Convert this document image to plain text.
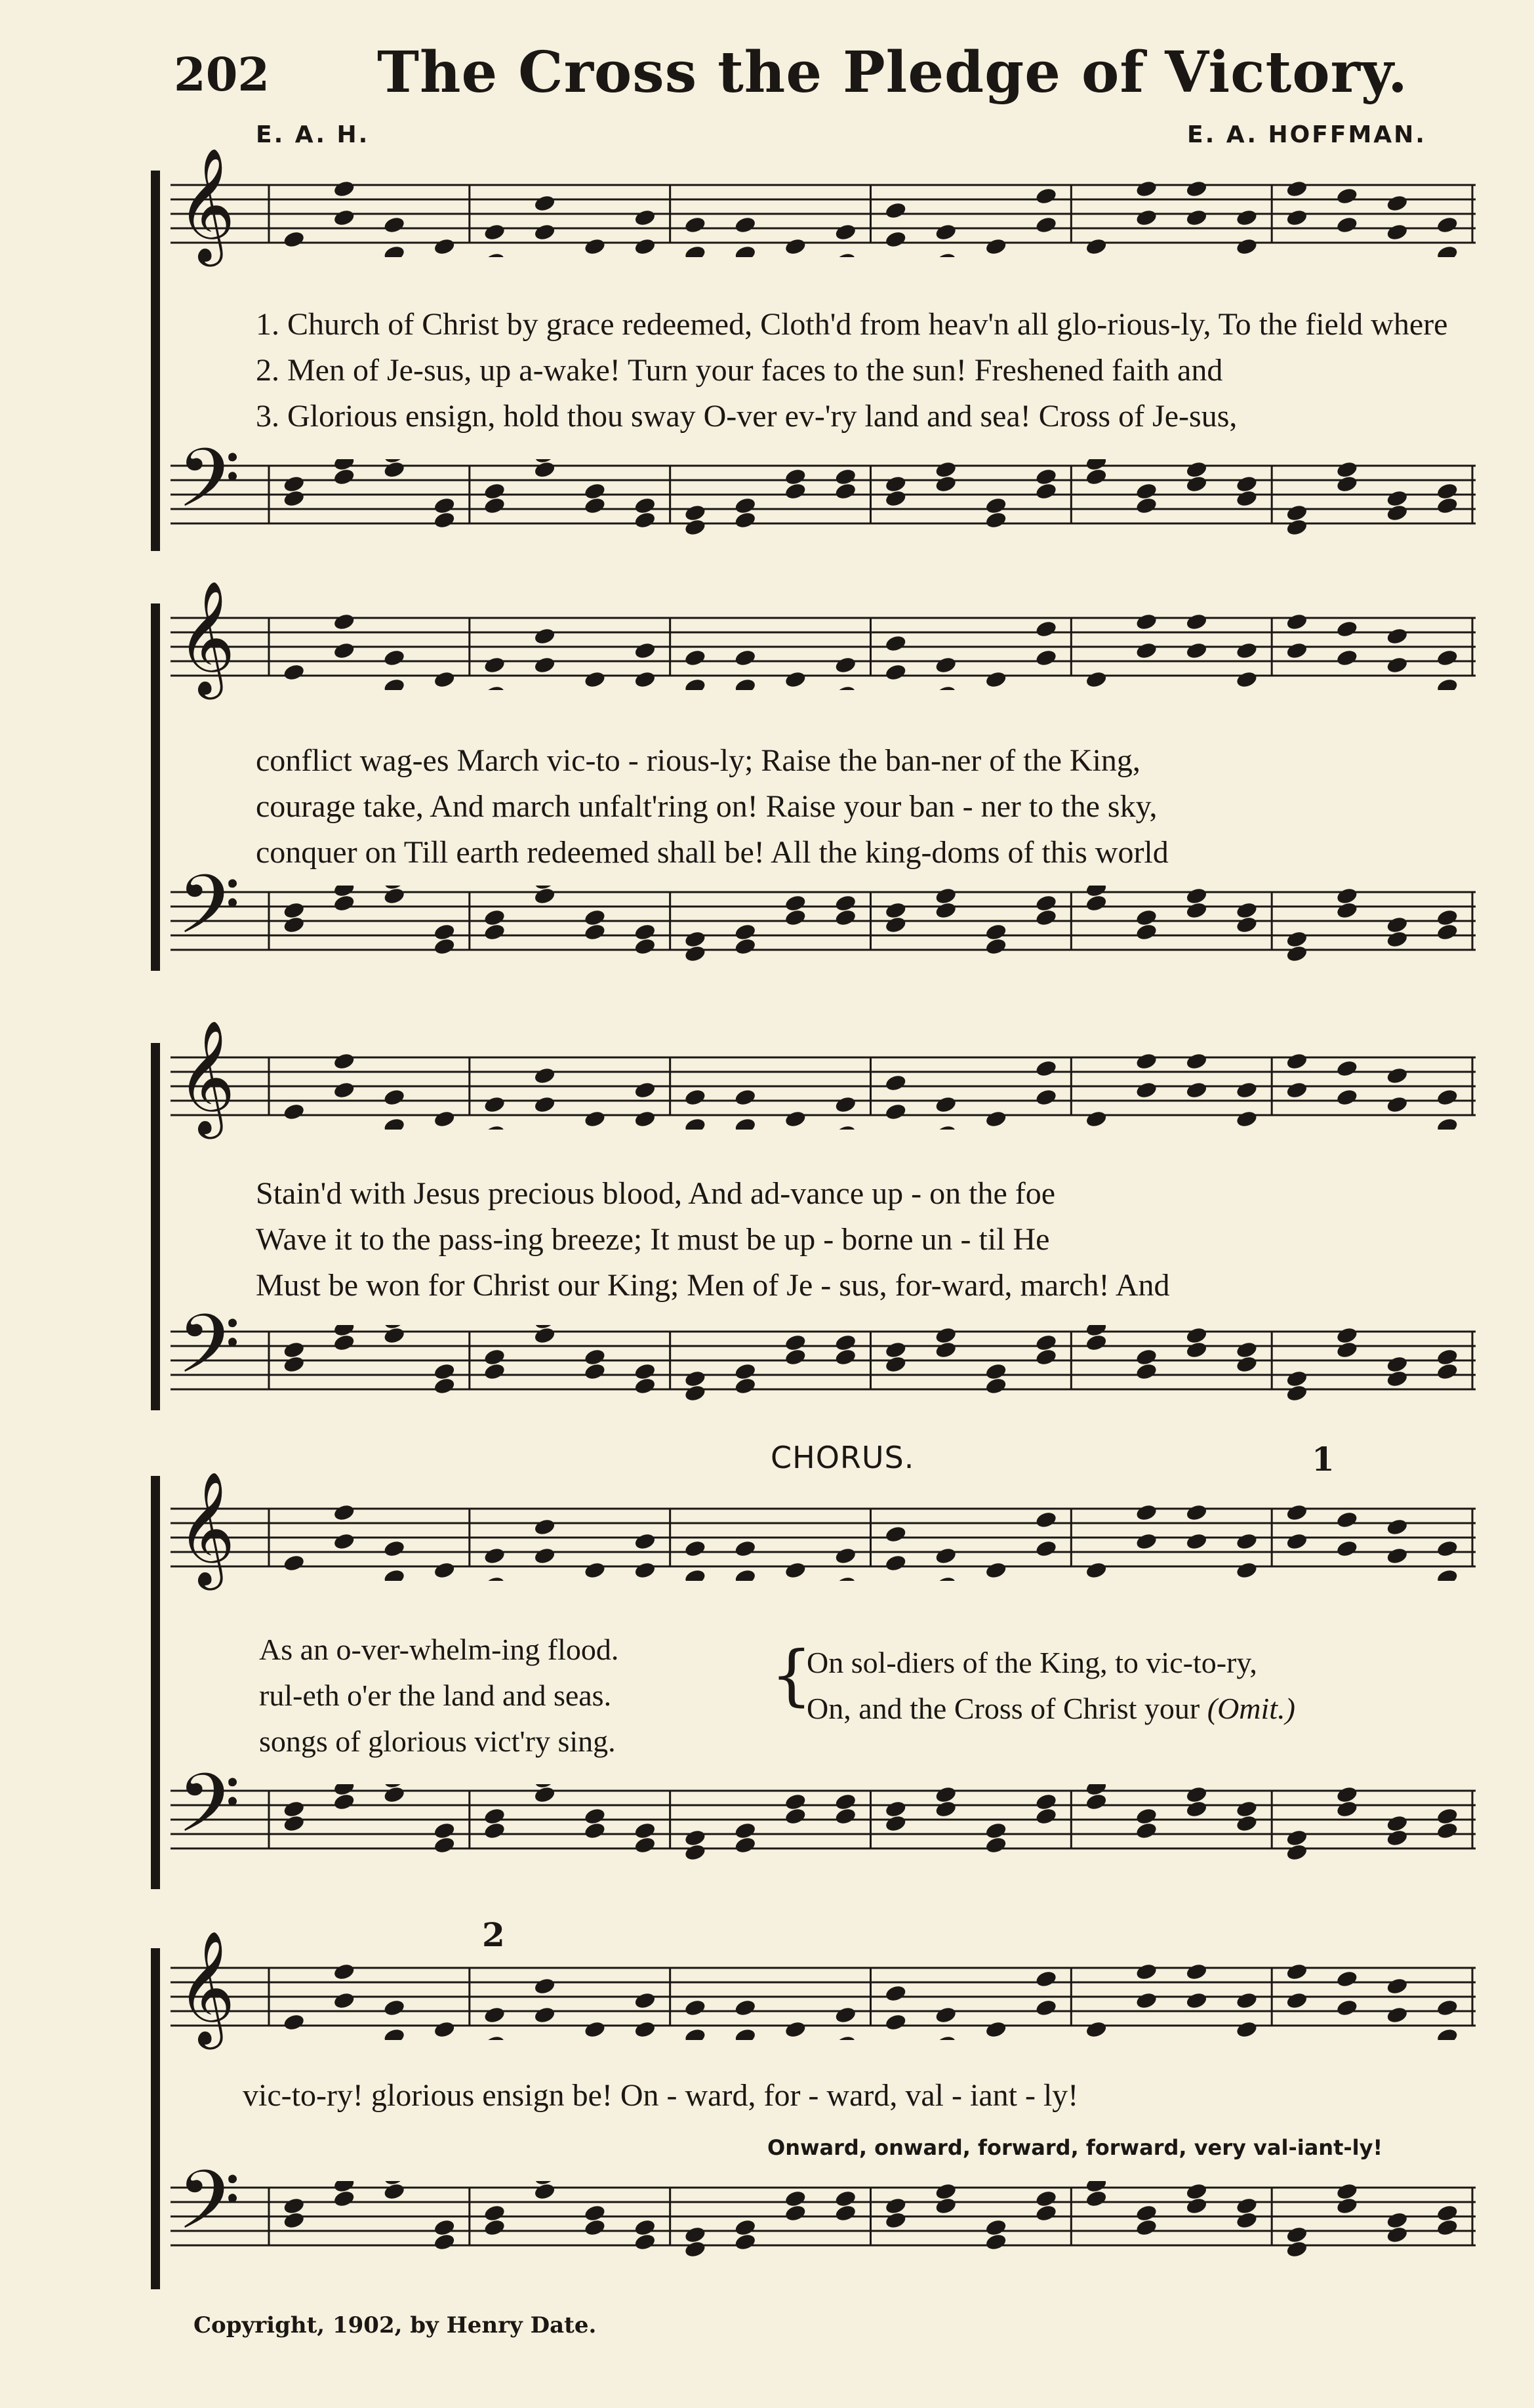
202 The Cross the Pledge of Victory.
E. A. H.	E. A. HOFFMAN.
𝄞
1. Church of Christ by grace redeemed, Cloth'd from heav'n all glo-rious-ly, To the field where
2. Men of Je-sus, up a-wake! Turn your faces to the sun! Freshened faith and
3. Glorious ensign, hold thou sway O-ver ev-'ry land and sea! Cross of Je-sus,
𝄢
𝄞
conflict wag-es March vic-to - rious-ly; Raise the ban-ner of the King,
courage take, And march unfalt'ring on! Raise your ban - ner to the sky,
conquer on Till earth redeemed shall be! All the king-doms of this world
𝄢
𝄞
Stain'd with Jesus precious blood, And ad-vance up - on the foe
Wave it to the pass-ing breeze; It must be up - borne un - til He
Must be won for Christ our King; Men of Je - sus, for-ward, march! And
𝄢
CHORUS.	1
𝄞
As an o-ver-whelm-ing flood.
rul-eth o'er the land and seas.
songs of glorious vict'ry sing.
{
On sol-diers of the King, to vic-to-ry,
On, and the Cross of Christ your (Omit.)
𝄢
2
𝄞
vic-to-ry! glorious ensign be! On - ward, for - ward, val - iant - ly!
Onward, onward, forward, forward, very val-iant-ly!
𝄢
Copyright, 1902, by Henry Date.
